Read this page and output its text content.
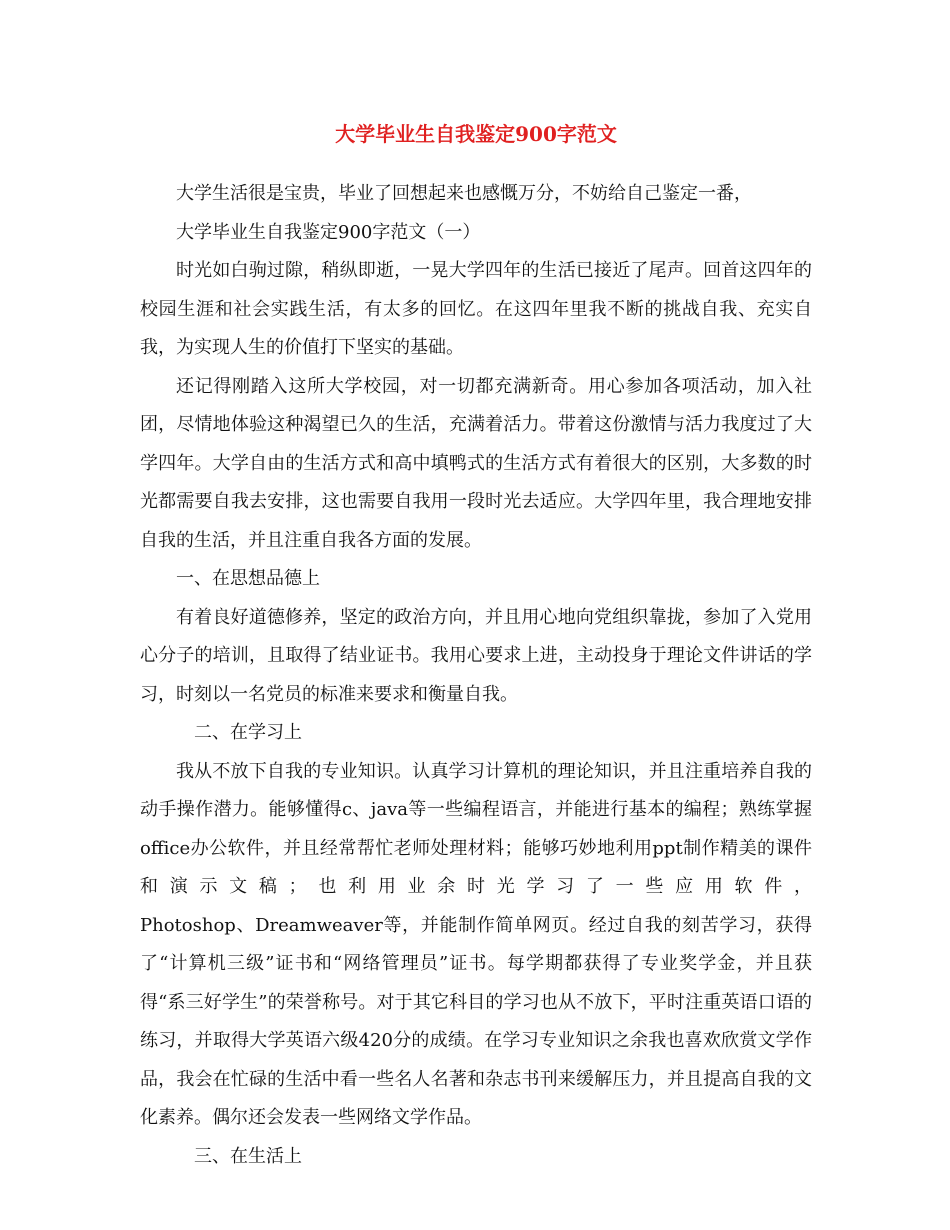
大学毕业生自我鉴定900字范文

大学生活很是宝贵，毕业了回想起来也感慨万分，不妨给自己鉴定一番，

大学毕业生自我鉴定900字范文（一）

时光如白驹过隙，稍纵即逝，一晃大学四年的生活已接近了尾声。回首这四年的校园生涯和社会实践生活，有太多的回忆。在这四年里我不断的挑战自我、充实自我，为实现人生的价值打下坚实的基础。

还记得刚踏入这所大学校园，对一切都充满新奇。用心参加各项活动，加入社团，尽情地体验这种渴望已久的生活，充满着活力。带着这份激情与活力我度过了大学四年。大学自由的生活方式和高中填鸭式的生活方式有着很大的区别，大多数的时光都需要自我去安排，这也需要自我用一段时光去适应。大学四年里，我合理地安排自我的生活，并且注重自我各方面的发展。

一、在思想品德上

有着良好道德修养，坚定的政治方向，并且用心地向党组织靠拢，参加了入党用心分子的培训，且取得了结业证书。我用心要求上进，主动投身于理论文件讲话的学习，时刻以一名党员的标准来要求和衡量自我。

二、在学习上

我从不放下自我的专业知识。认真学习计算机的理论知识，并且注重培养自我的动手操作潜力。能够懂得c、java等一些编程语言，并能进行基本的编程；熟练掌握office办公软件，并且经常帮忙老师处理材料；能够巧妙地利用ppt制作精美的课件和演示文稿；也利用业余时光学习了一些应用软件，

Photoshop、Dreamweaver等，并能制作简单网页。经过自我的刻苦学习，获得了“计算机三级”证书和“网络管理员”证书。每学期都获得了专业奖学金，并且获得“系三好学生”的荣誉称号。对于其它科目的学习也从不放下，平时注重英语口语的练习，并取得大学英语六级420分的成绩。在学习专业知识之余我也喜欢欣赏文学作品，我会在忙碌的生活中看一些名人名著和杂志书刊来缓解压力，并且提高自我的文化素养。偶尔还会发表一些网络文学作品。

三、在生活上
